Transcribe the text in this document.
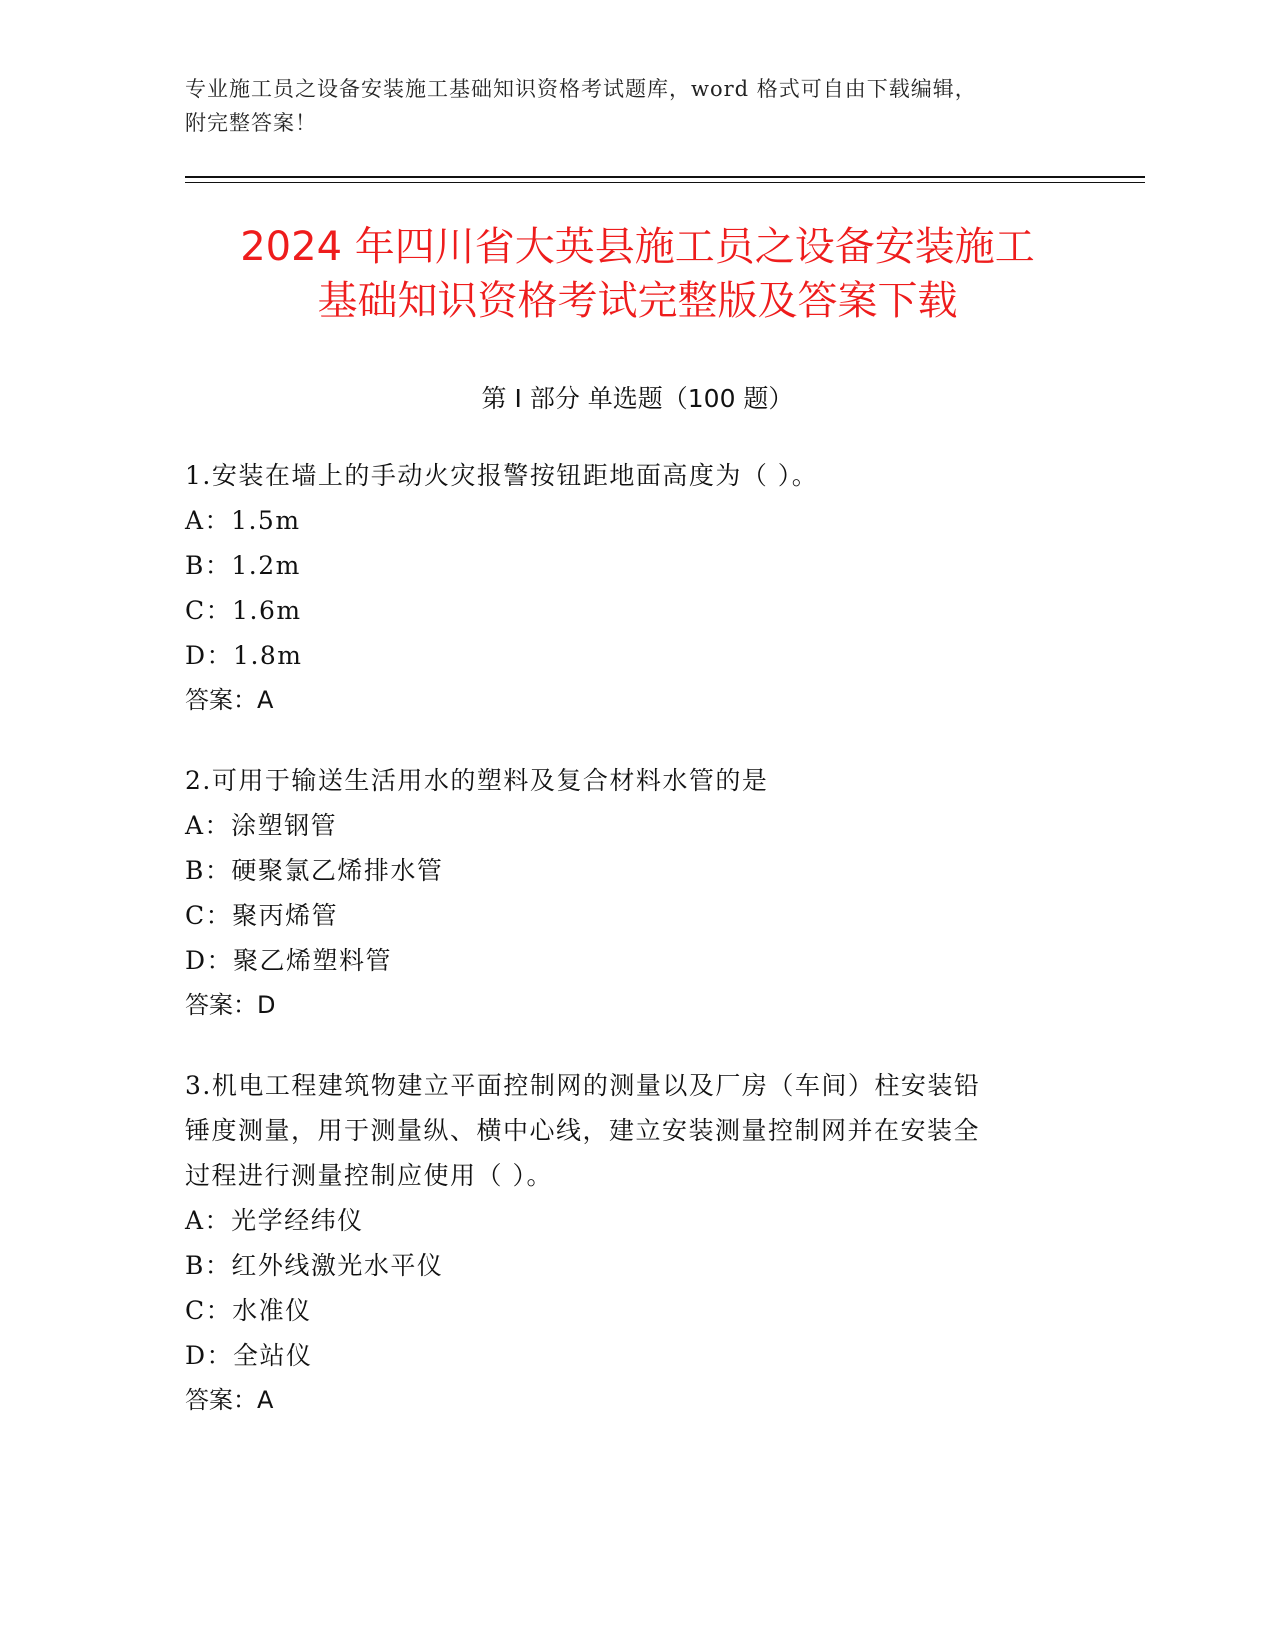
专业施工员之设备安装施工基础知识资格考试题库，word 格式可自由下载编辑，
附完整答案！
2024 年四川省大英县施工员之设备安装施工
基础知识资格考试完整版及答案下载
第 I 部分 单选题（100 题）
1.安装在墙上的手动火灾报警按钮距地面高度为（ ）。
A： 1.5m
B： 1.2m
C： 1.6m
D： 1.8m
答案：A
2.可用于输送生活用水的塑料及复合材料水管的是
A： 涂塑钢管
B： 硬聚氯乙烯排水管
C： 聚丙烯管
D： 聚乙烯塑料管
答案：D
3.机电工程建筑物建立平面控制网的测量以及厂房（车间）柱安装铅
锤度测量，用于测量纵、横中心线，建立安装测量控制网并在安装全
过程进行测量控制应使用（ ）。
A： 光学经纬仪
B： 红外线激光水平仪
C： 水准仪
D： 全站仪
答案：A
